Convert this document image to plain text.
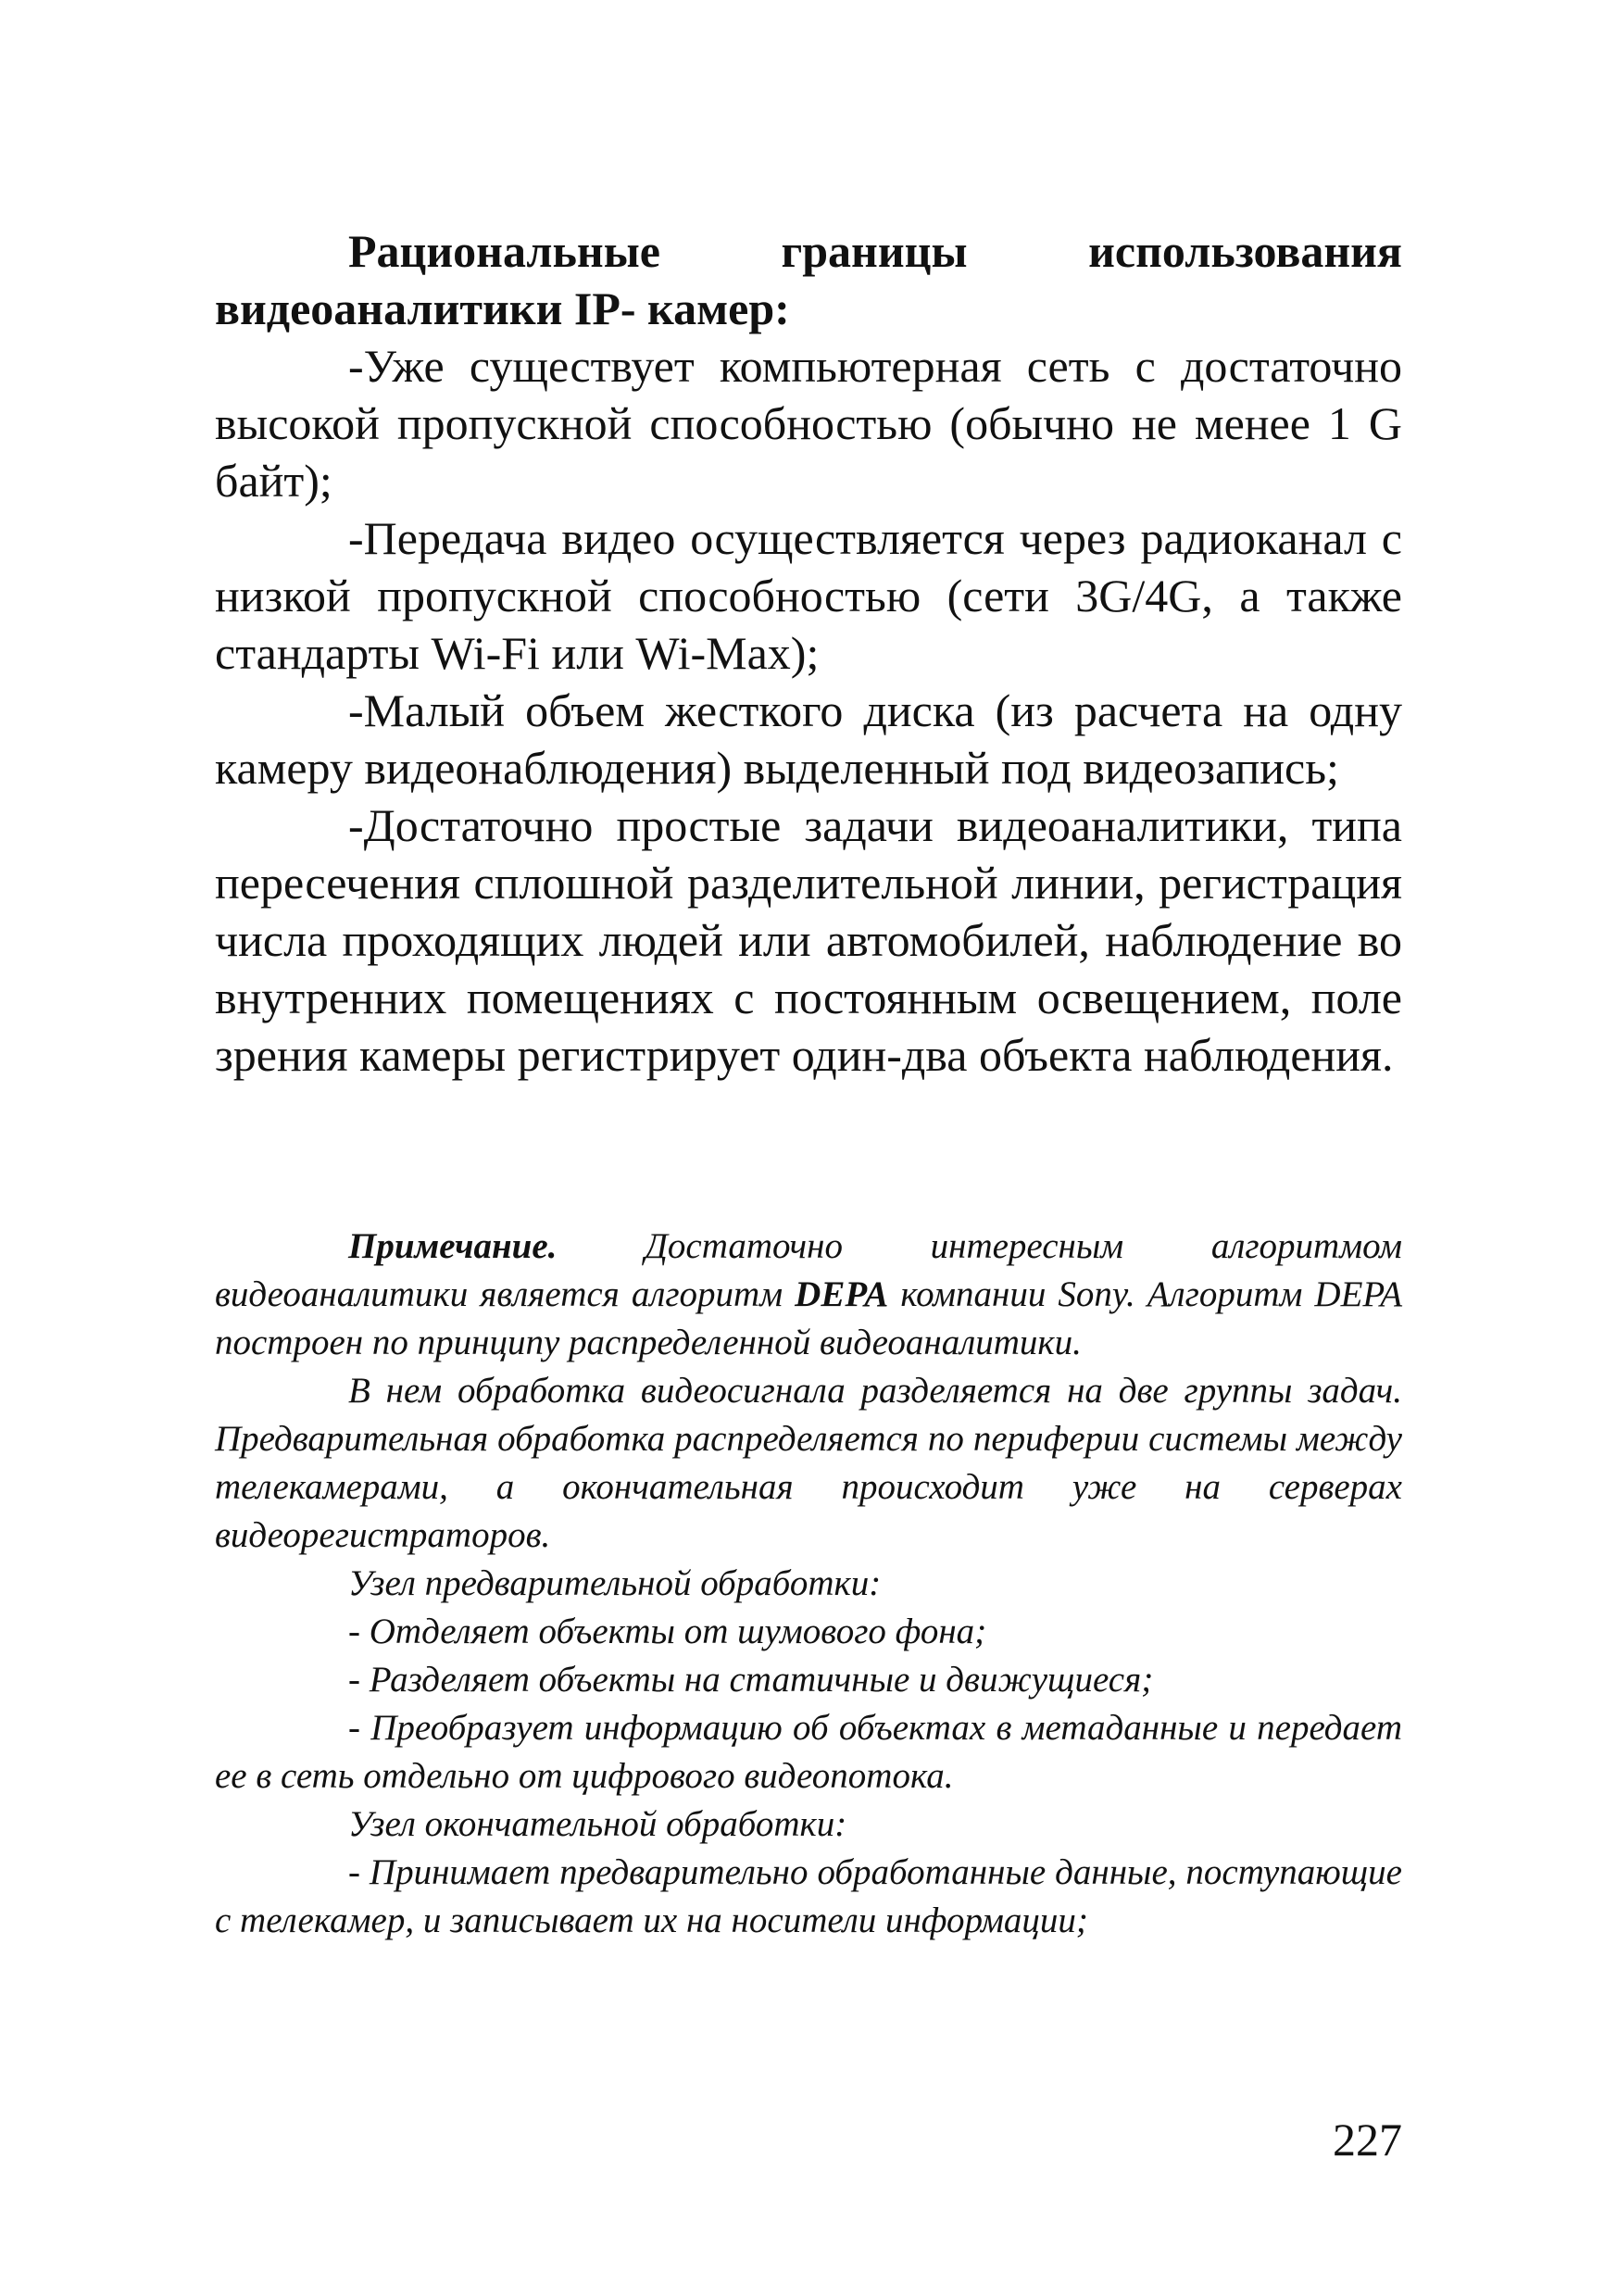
Рациональные границы использования

видеоаналитики IP- камер:

-Уже существует компьютерная сеть с достаточно высокой пропускной способностью (обычно не менее 1 G байт);

-Передача видео осуществляется через радиоканал с низкой пропускной способностью (сети 3G/4G, а также стандарты Wi-Fi или Wi-Max);

-Малый объем жесткого диска (из расчета на одну камеру видеонаблюдения) выделенный под видеозапись;

-Достаточно простые задачи видеоаналитики, типа пересечения сплошной разделительной линии, регистрация числа проходящих людей или автомобилей, наблюдение во внутренних помещениях с постоянным освещением, поле зрения камеры регистрирует один-два объекта наблюдения.

Примечание. Достаточно интересным алгоритмом видеоаналитики является алгоритм DEPA компании Sony. Алгоритм DEPA построен по принципу распределенной видеоаналитики.

В нем обработка видеосигнала разделяется на две группы задач. Предварительная обработка распределяется по периферии системы между телекамерами, а окончательная происходит уже на серверах видеорегистраторов.

Узел предварительной обработки:

- Отделяет объекты от шумового фона;

- Разделяет объекты на статичные и движущиеся;

- Преобразует информацию об объектах в метаданные и передает ее в сеть отдельно от цифрового видеопотока.

Узел окончательной обработки:

- Принимает предварительно обработанные данные, поступающие с телекамер, и записывает их на носители информации;

227
